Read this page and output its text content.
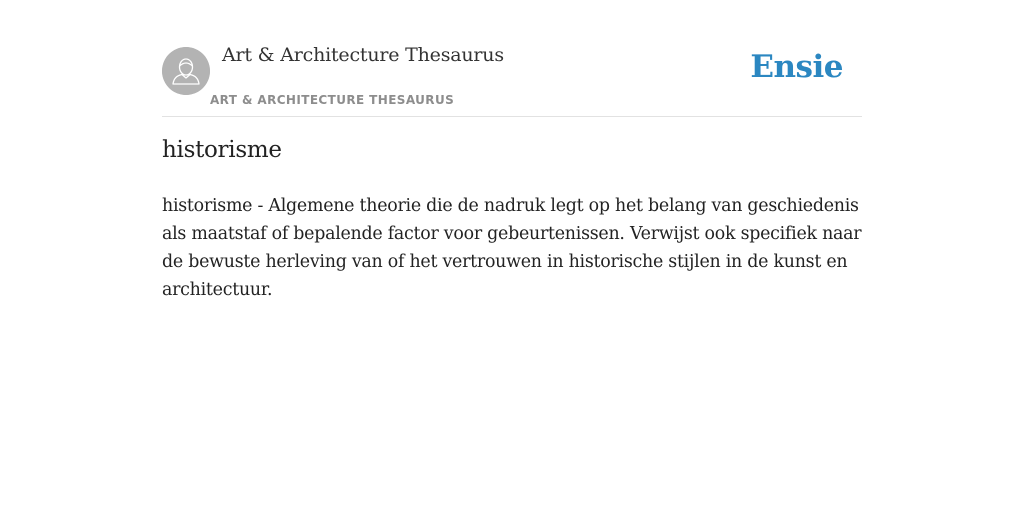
Art & Architecture Thesaurus
ART & ARCHITECTURE THESAURUS
Ensie
historisme

historisme - Algemene theorie die de nadruk legt op het belang van geschiedenis als maatstaf of bepalende factor voor gebeurtenissen. Verwijst ook specifiek naar de bewuste herleving van of het vertrouwen in historische stijlen in de kunst en architectuur.
